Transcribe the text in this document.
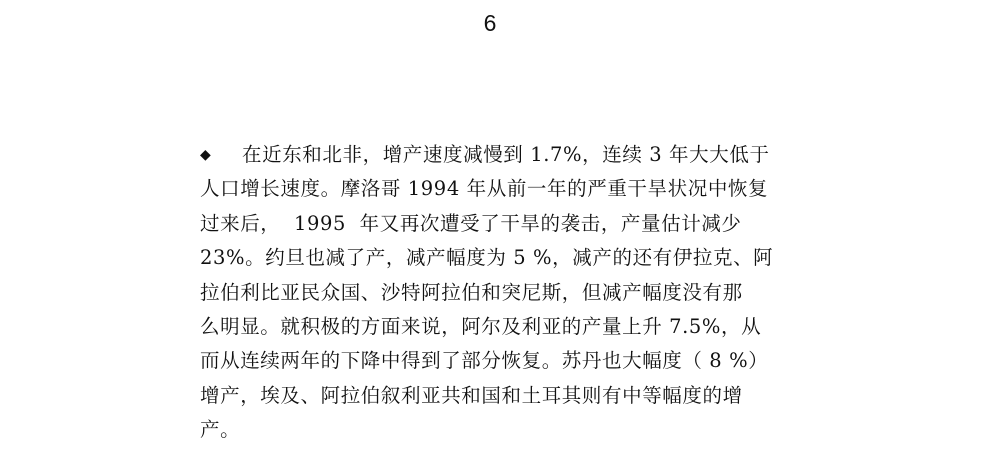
6
◆ 在近东和北非，增产速度减慢到 1.7%，连续 3 年大大低于
人口增长速度。摩洛哥 1994 年从前一年的严重干旱状况中恢复
过来后，  1995  年又再次遭受了干旱的袭击，产量估计减少
23%。约旦也减了产，减产幅度为 5 %，减产的还有伊拉克、阿
拉伯利比亚民众国、沙特阿拉伯和突尼斯，但减产幅度没有那
么明显。就积极的方面来说，阿尔及利亚的产量上升 7.5%，从
而从连续两年的下降中得到了部分恢复。苏丹也大幅度（ 8 %）
增产，埃及、阿拉伯叙利亚共和国和土耳其则有中等幅度的增
产。
